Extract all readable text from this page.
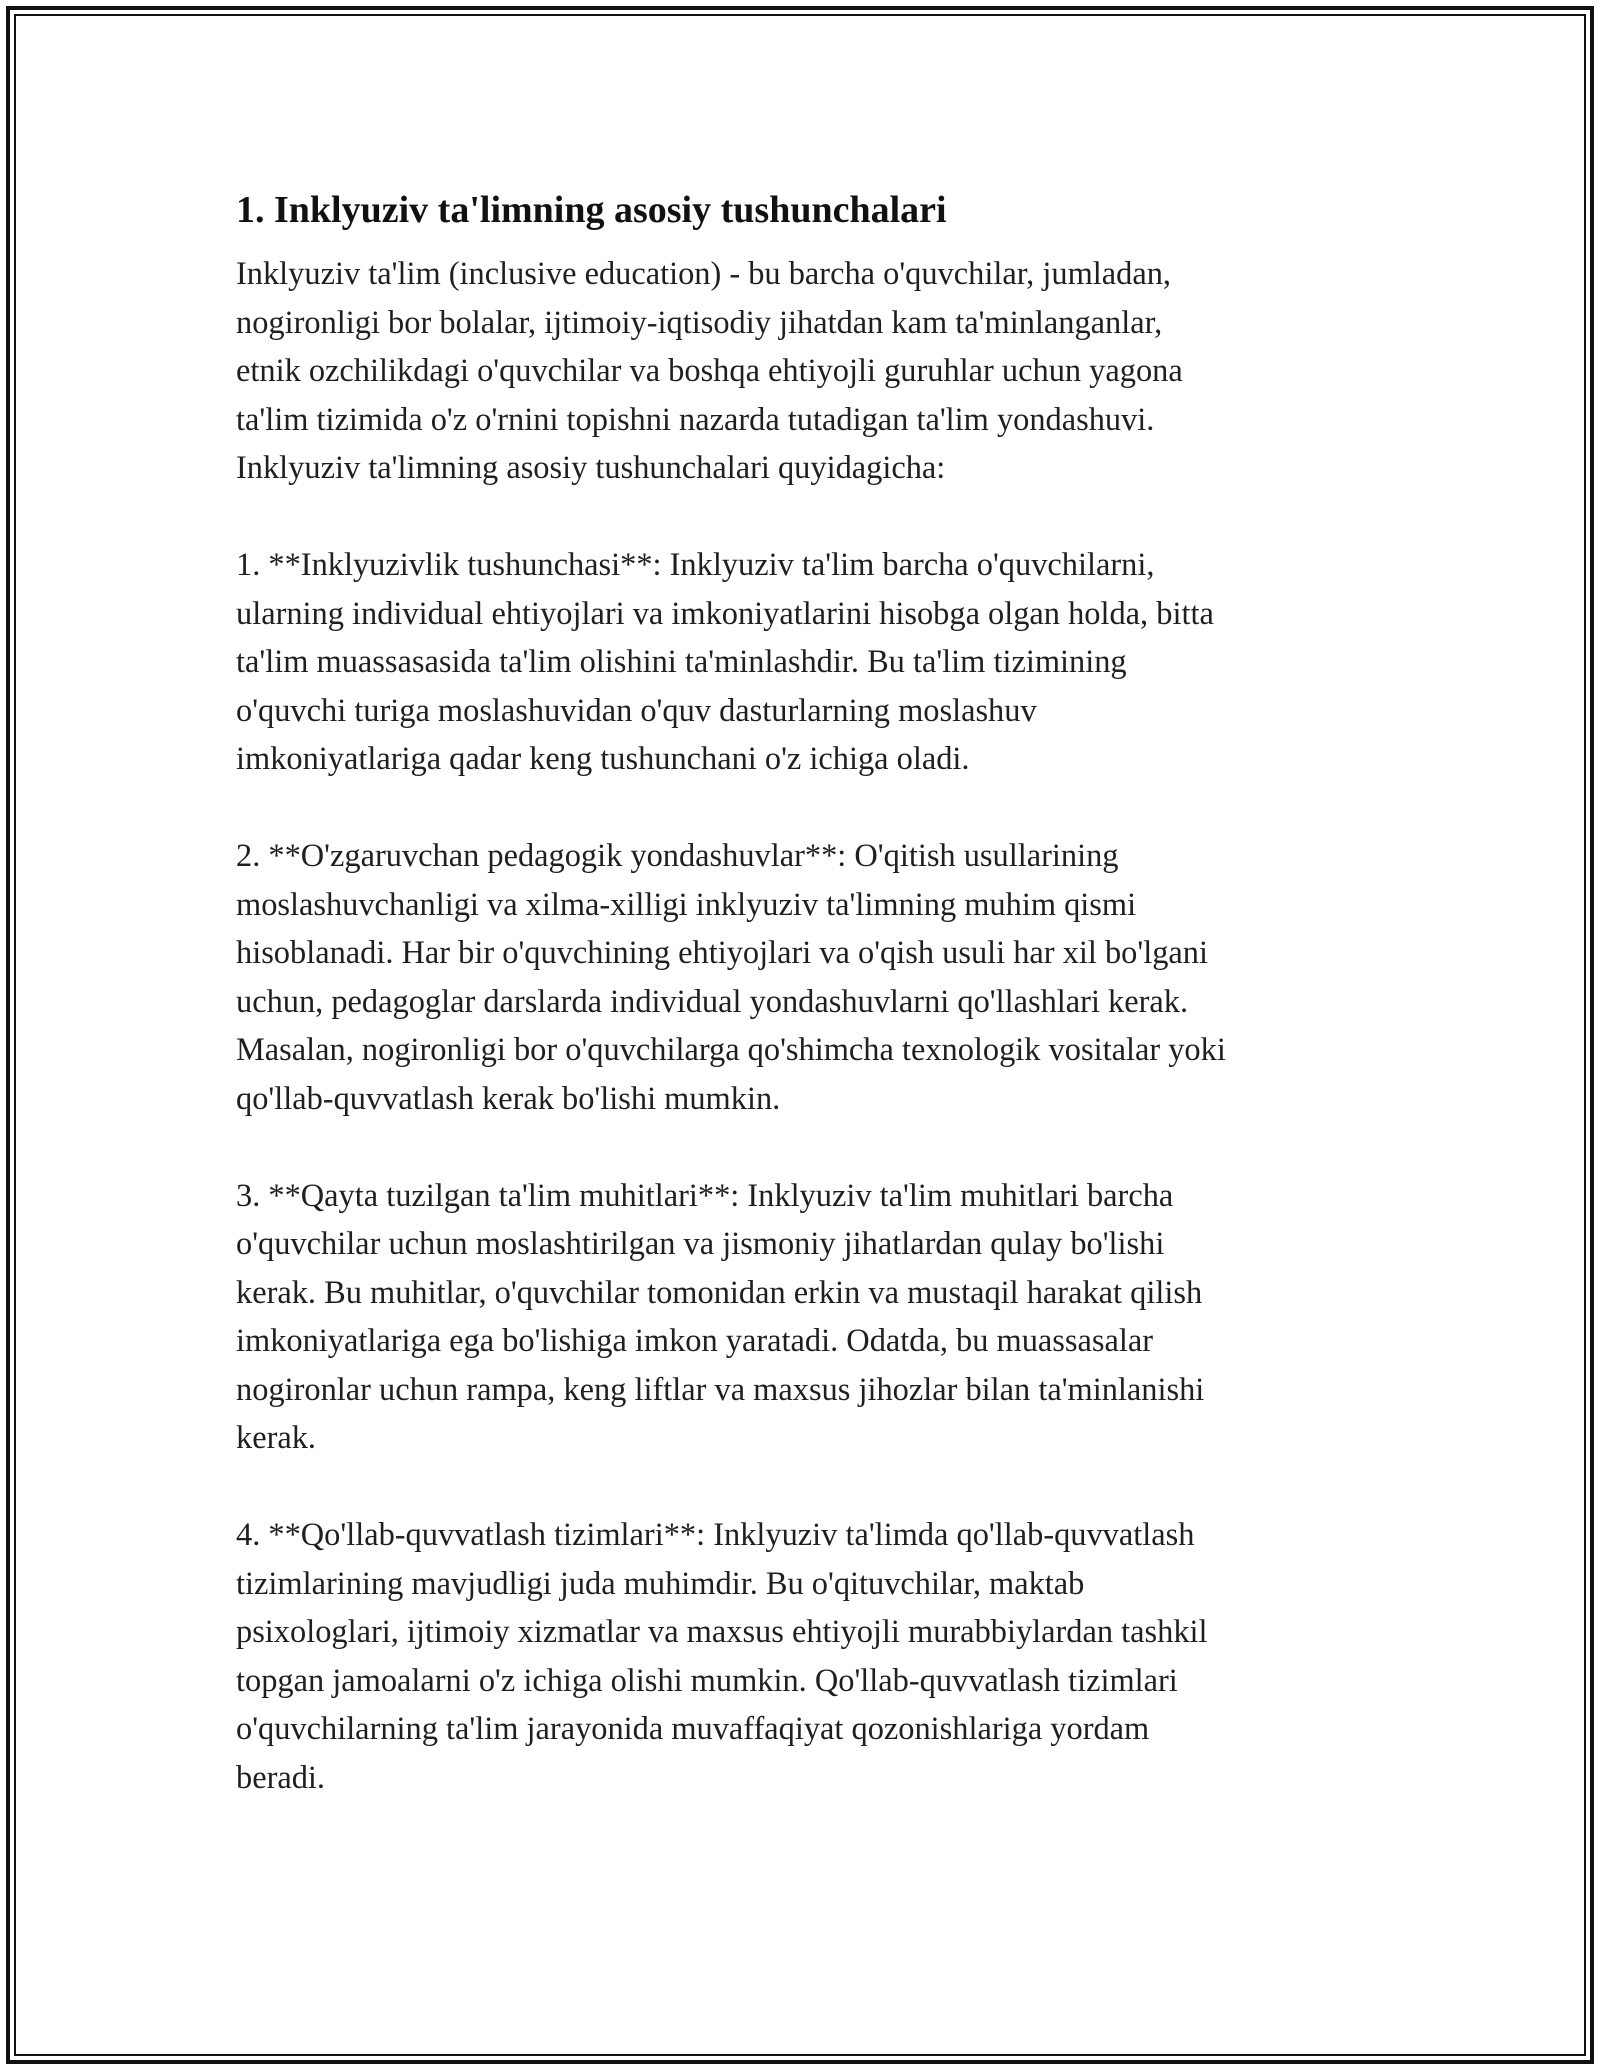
1. Inklyuziv ta'limning asosiy tushunchalari
Inklyuziv ta'lim (inclusive education) - bu barcha o'quvchilar, jumladan,
nogironligi bor bolalar, ijtimoiy-iqtisodiy jihatdan kam ta'minlanganlar,
etnik ozchilikdagi o'quvchilar va boshqa ehtiyojli guruhlar uchun yagona
ta'lim tizimida o'z o'rnini topishni nazarda tutadigan ta'lim yondashuvi.
Inklyuziv ta'limning asosiy tushunchalari quyidagicha:
1. **Inklyuzivlik tushunchasi**: Inklyuziv ta'lim barcha o'quvchilarni,
ularning individual ehtiyojlari va imkoniyatlarini hisobga olgan holda, bitta
ta'lim muassasasida ta'lim olishini ta'minlashdir. Bu ta'lim tizimining
o'quvchi turiga moslashuvidan o'quv dasturlarning moslashuv
imkoniyatlariga qadar keng tushunchani o'z ichiga oladi.
2. **O'zgaruvchan pedagogik yondashuvlar**: O'qitish usullarining
moslashuvchanligi va xilma-xilligi inklyuziv ta'limning muhim qismi
hisoblanadi. Har bir o'quvchining ehtiyojlari va o'qish usuli har xil bo'lgani
uchun, pedagoglar darslarda individual yondashuvlarni qo'llashlari kerak.
Masalan, nogironligi bor o'quvchilarga qo'shimcha texnologik vositalar yoki
qo'llab-quvvatlash kerak bo'lishi mumkin.
3. **Qayta tuzilgan ta'lim muhitlari**: Inklyuziv ta'lim muhitlari barcha
o'quvchilar uchun moslashtirilgan va jismoniy jihatlardan qulay bo'lishi
kerak. Bu muhitlar, o'quvchilar tomonidan erkin va mustaqil harakat qilish
imkoniyatlariga ega bo'lishiga imkon yaratadi. Odatda, bu muassasalar
nogironlar uchun rampa, keng liftlar va maxsus jihozlar bilan ta'minlanishi
kerak.
4. **Qo'llab-quvvatlash tizimlari**: Inklyuziv ta'limda qo'llab-quvvatlash
tizimlarining mavjudligi juda muhimdir. Bu o'qituvchilar, maktab
psixologlari, ijtimoiy xizmatlar va maxsus ehtiyojli murabbiylardan tashkil
topgan jamoalarni o'z ichiga olishi mumkin. Qo'llab-quvvatlash tizimlari
o'quvchilarning ta'lim jarayonida muvaffaqiyat qozonishlariga yordam
beradi.
